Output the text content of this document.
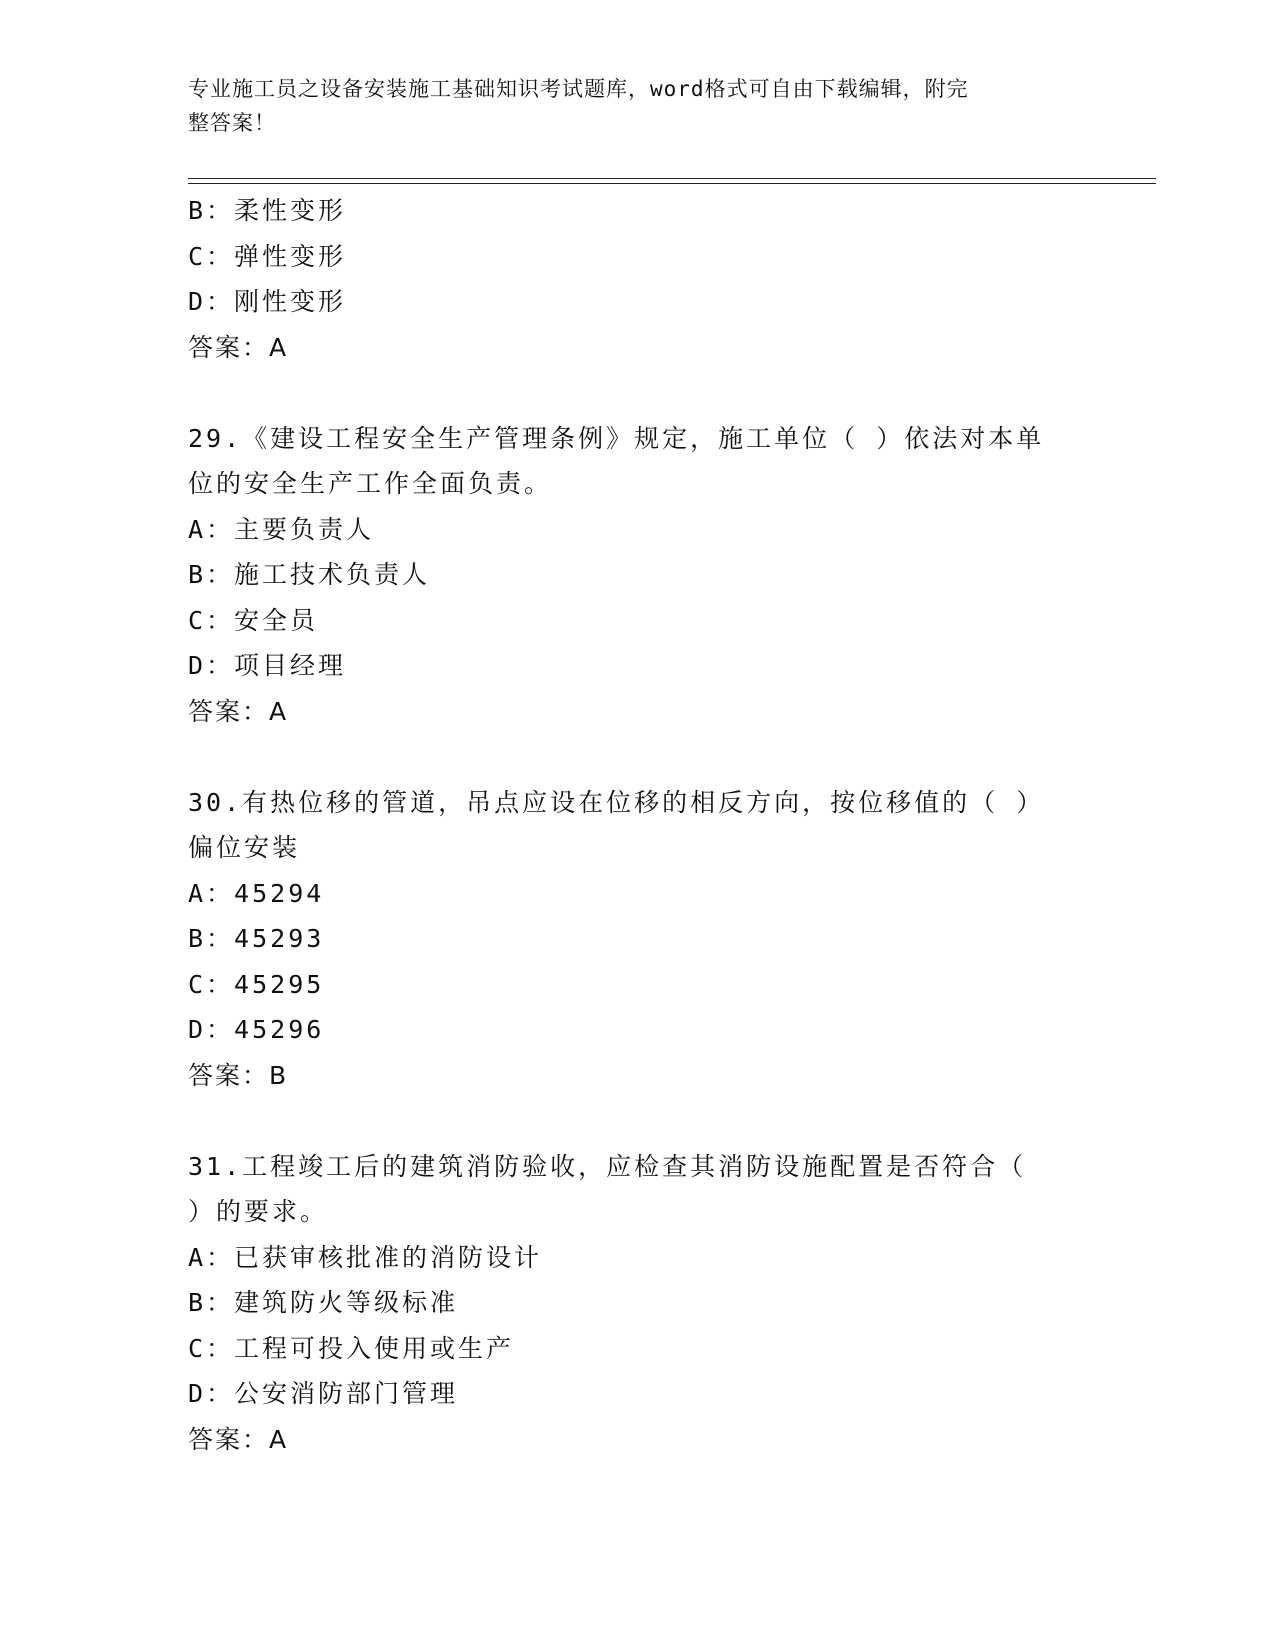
专业施工员之设备安装施工基础知识考试题库，word格式可自由下载编辑，附完
整答案！
B：柔性变形
C：弹性变形
D：刚性变形
答案：A
29.《建设工程安全生产管理条例》规定，施工单位（ ）依法对本单
位的安全生产工作全面负责。
A：主要负责人
B：施工技术负责人
C：安全员
D：项目经理
答案：A
30.有热位移的管道，吊点应设在位移的相反方向，按位移值的（ ）
偏位安装
A：45294
B：45293
C：45295
D：45296
答案：B
31.工程竣工后的建筑消防验收，应检查其消防设施配置是否符合（
）的要求。
A：已获审核批准的消防设计
B：建筑防火等级标准
C：工程可投入使用或生产
D：公安消防部门管理
答案：A
